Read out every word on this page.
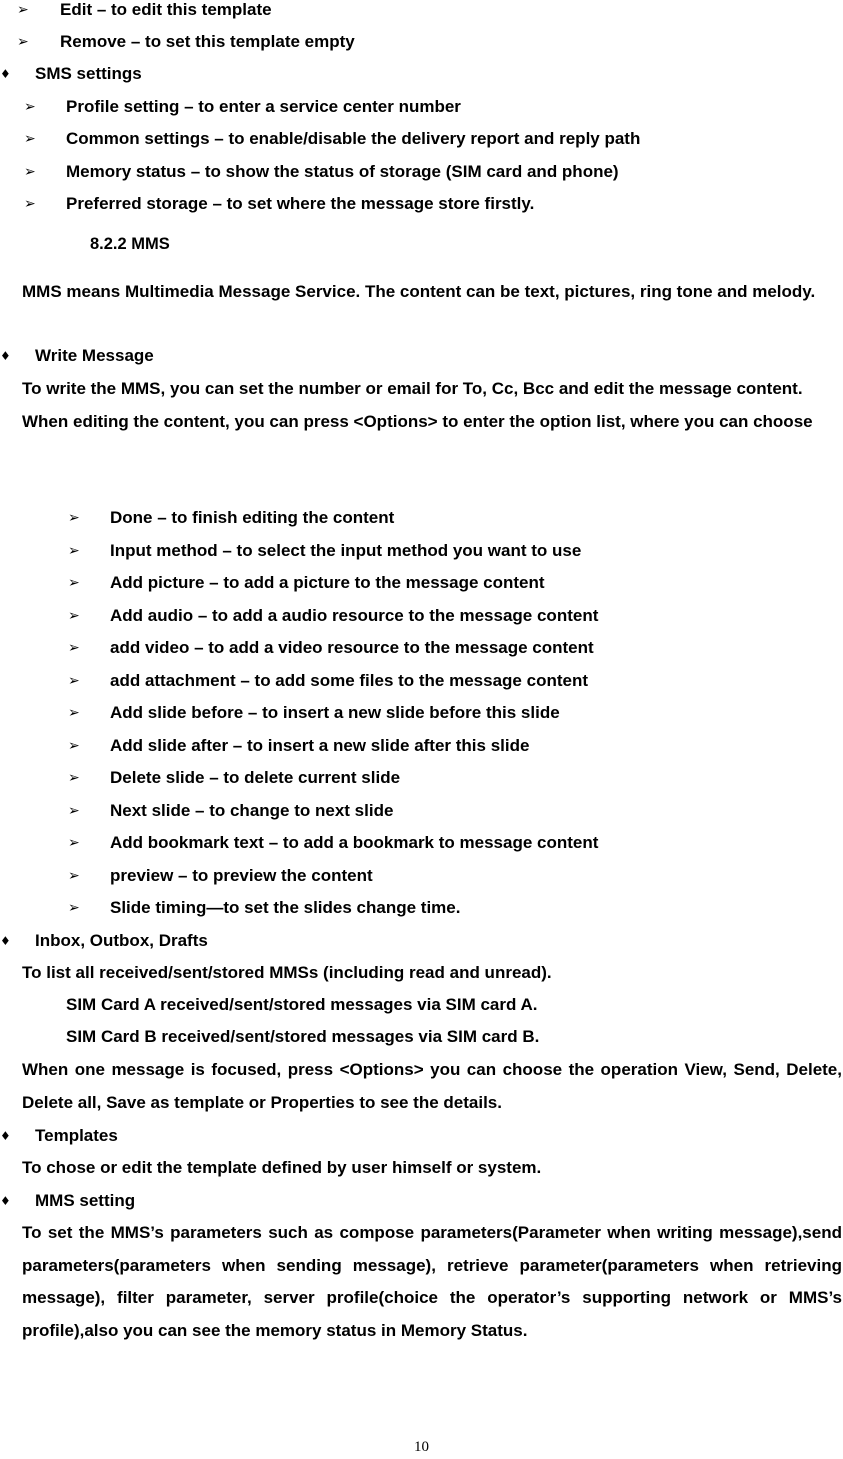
➢ Edit – to edit this template
➢ Remove – to set this template empty
♦ SMS settings
➢ Profile setting – to enter a service center number
➢ Common settings – to enable/disable the delivery report and reply path
➢ Memory status – to show the status of storage (SIM card and phone)
➢ Preferred storage – to set where the message store firstly.
8.2.2 MMS

MMS means Multimedia Message Service. The content can be text, pictures, ring tone and melody.

♦ Write Message

To write the MMS, you can set the number or email for To, Cc, Bcc and edit the message content.

When editing the content, you can press <Options> to enter the option list, where you can choose

➢ Done – to finish editing the content
➢ Input method – to select the input method you want to use
➢ Add picture – to add a picture to the message content
➢ Add audio – to add a audio resource to the message content
➢ add video – to add a video resource to the message content
➢ add attachment – to add some files to the message content
➢ Add slide before – to insert a new slide before this slide
➢ Add slide after – to insert a new slide after this slide
➢ Delete slide – to delete current slide
➢ Next slide – to change to next slide
➢ Add bookmark text – to add a bookmark to message content
➢ preview – to preview the content
➢ Slide timing—to set the slides change time.
♦ Inbox, Outbox, Drafts
To list all received/sent/stored MMSs (including read and unread).
SIM Card A received/sent/stored messages via SIM card A.
SIM Card B received/sent/stored messages via SIM card B.

When one message is focused, press <Options> you can choose the operation View, Send, Delete, Delete all, Save as template or Properties to see the details.

♦ Templates
To chose or edit the template defined by user himself or system.
♦ MMS setting

To set the MMS’s parameters such as compose parameters(Parameter when writing message),send parameters(parameters when sending message), retrieve parameter(parameters when retrieving message), filter parameter, server profile(choice the operator’s supporting network or MMS’s profile),also you can see the memory status in Memory Status.

10
